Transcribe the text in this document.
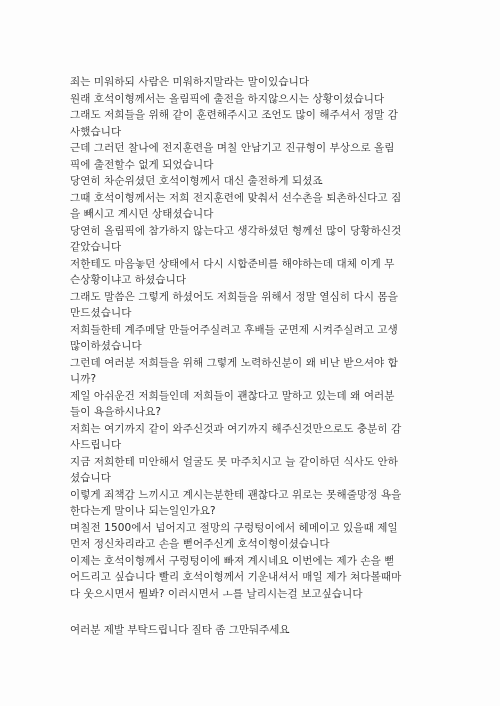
죄는 미워하되 사람은 미워하지말라는 말이있습니다
원래 호석이형께서는 올림픽에 출전을 하지않으시는 상황이셨습니다
그래도 저희들을 위해 같이 훈련해주시고 조언도 많이 해주셔서 정말 감
사했습니다
근데 그러던 찰나에 전지훈련을 며칠 안남기고 진규형이 부상으로 올림
픽에 출전할수 없게 되었습니다
당연히 차순위셨던 호석이형께서 대신 출전하게 되셨죠
그때 호석이형께서는 저희 전지훈련에 맞춰서 선수촌을 퇴촌하신다고 짐
을 빼시고 계시던 상태셨습니다
당연히 올림픽에 참가하지 않는다고 생각하셨던 형께선 많이 당황하신것
같았습니다
저한테도 마음놓던 상태에서 다시 시합준비를 해야하는데 대체 이게 무
슨상황이냐고 하셨습니다
그래도 말씀은 그렇게 하셨어도 저희들을 위해서 정말 열심히 다시 몸을
만드셨습니다
저희들한테 계주메달 만들어주실려고 후배들 군면제 시켜주실려고 고생
많이하셨습니다
그런데 여러분 저희들을 위해 그렇게 노력하신분이 왜 비난 받으셔야 합
니까?
제일 아쉬운건 저희들인데 저희들이 괜찮다고 말하고 있는데 왜 여러분
들이 욕을하시나요?
저희는 여기까지 같이 와주신것과 여기까지 해주신것만으로도 충분히 감
사드립니다
지금 저희한테 미안해서 얼굴도 못 마주치시고 늘 같이하던 식사도 안하
셨습니다
이렇게 죄책감 느끼시고 계시는분한테 괜찮다고 위로는 못해줄망정 욕을
한다는게 말이나 되는일인가요?
며칠전 1500에서 넘어지고 절망의 구렁텅이에서 헤메이고 있을때 제일
먼저 정신차리라고 손을 뻗어주신게 호석이형이셨습니다
이제는 호석이형께서 구렁텅이에 빠져 계시네요 이번에는 제가 손을 뻗
어드리고 싶습니다 빨리 호석이형께서 기운내셔서 매일 제가 쳐다볼때마
다 웃으시면서 뭘봐? 이러시면서 ㅗ를 날리시는걸 보고싶습니다
여러분 제발 부탁드립니다 질타 좀 그만둬주세요
